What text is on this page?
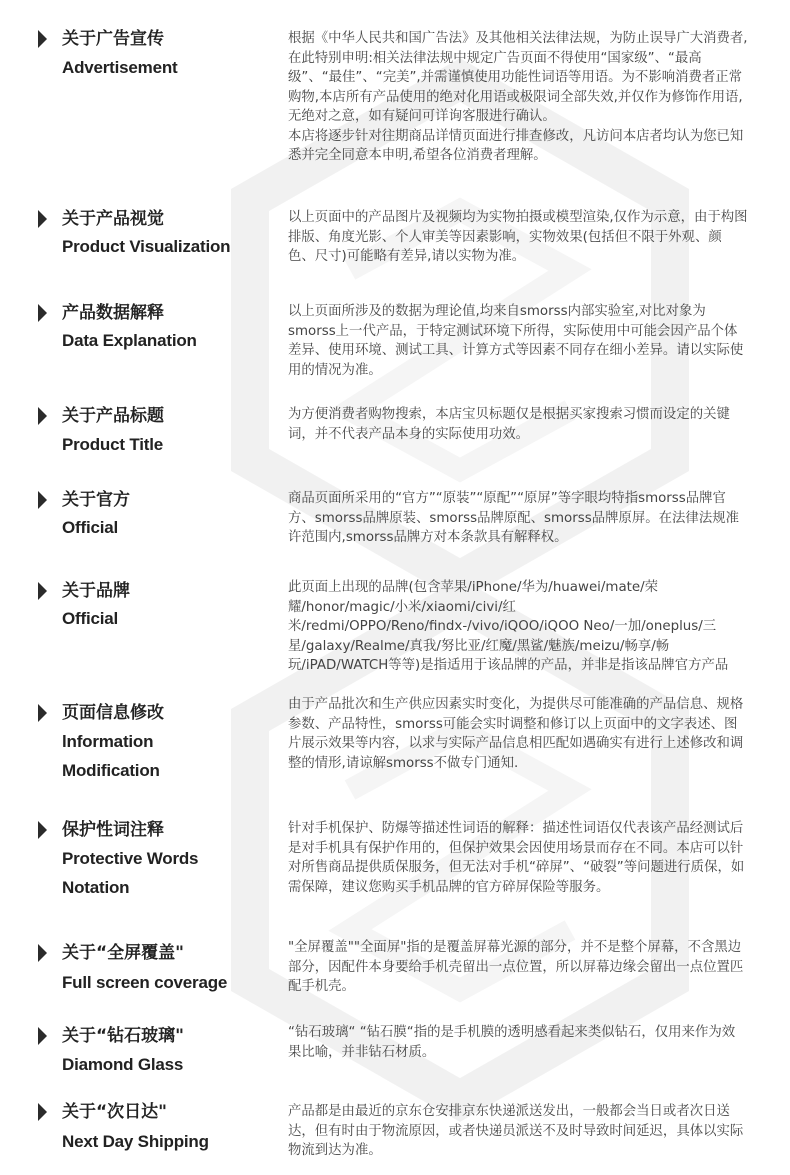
关于广告宣传
Advertisement

根据《中华人民共和国广告法》及其他相关法律法规，为防止误导广大消费者,在此特别申明:相关法律法规中规定广告页面不得使用“国家级”、“最高级”、“最佳”、“完美”,并需谨慎使用功能性词语等用语。为不影响消费者正常购物,本店所有产品使用的绝对化用语或极限词全部失效,并仅作为修饰作用语,无绝对之意，如有疑问可详询客服进行确认。

本店将逐步针对往期商品详情页面进行排查修改，凡访问本店者均认为您已知悉并完全同意本申明,希望各位消费者理解。

关于产品视觉
Product Visualization

以上页面中的产品图片及视频均为实物拍摄或模型渲染,仅作为示意，由于构图排版、角度光影、个人审美等因素影响，实物效果(包括但不限于外观、颜色、尺寸)可能略有差异,请以实物为准。

产品数据解释
Data Explanation

以上页面所涉及的数据为理论值,均来自smorss内部实验室,对比对象为smorss上一代产品，于特定测试环境下所得，实际使用中可能会因产品个体差异、使用环境、测试工具、计算方式等因素不同存在细小差异。请以实际使用的情况为准。

关于产品标题
Product Title

为方便消费者购物搜索，本店宝贝标题仅是根据买家搜索习惯而设定的关键词，并不代表产品本身的实际使用功效。

关于官方
Official

商品页面所采用的“官方”“原装”“原配”“原屏”等字眼均特指smorss品牌官方、smorss品牌原装、smorss品牌原配、smorss品牌原屏。在法律法规准许范围内,smorss品牌方对本条款具有解释权。

关于品牌
Official

此页面上出现的品牌(包含苹果/iPhone/华为/huawei/mate/荣耀/honor/magic/小米/xiaomi/civi/红米/redmi/OPPO/Reno/findx-/vivo/iQOO/iQOO Neo/一加/oneplus/三星/galaxy/Realme/真我/努比亚/红魔/黑鲨/魅族/meizu/畅享/畅玩/iPAD/WATCH等等)是指适用于该品牌的产品，并非是指该品牌官方产品

页面信息修改
lnformation
Modification

由于产品批次和生产供应因素实时变化，为提供尽可能准确的产品信息、规格参数、产品特性，smorss可能会实时调整和修订以上页面中的文字表述、图片展示效果等内容，以求与实际产品信息相匹配如遇确实有进行上述修改和调整的情形,请谅解smorss不做专门通知.

保护性词注释
Protective Words
Notation

针对手机保护、防爆等描述性词语的解释：描述性词语仅代表该产品经测试后是对手机具有保护作用的，但保护效果会因使用场景而存在不同。本店可以针对所售商品提供质保服务，但无法对手机“碎屏”、“破裂”等问题进行质保，如需保障，建议您购买手机品牌的官方碎屏保险等服务。

关于“全屏覆盖"
Full screen coverage

"全屏覆盖""全面屏"指的是覆盖屏幕光源的部分，并不是整个屏幕，不含黑边部分，因配件本身要给手机壳留出一点位置，所以屏幕边缘会留出一点位置匹配手机壳。

关于“钻石玻璃"
Diamond Glass

“钻石玻璃“ “钻石膜“指的是手机膜的透明感看起来类似钻石，仅用来作为效果比喻，并非钻石材质。

关于“次日达"
Next Day Shipping

产品都是由最近的京东仓安排京东快递派送发出，一般都会当日或者次日送达，但有时由于物流原因，或者快递员派送不及时导致时间延迟，具体以实际物流到达为准。
